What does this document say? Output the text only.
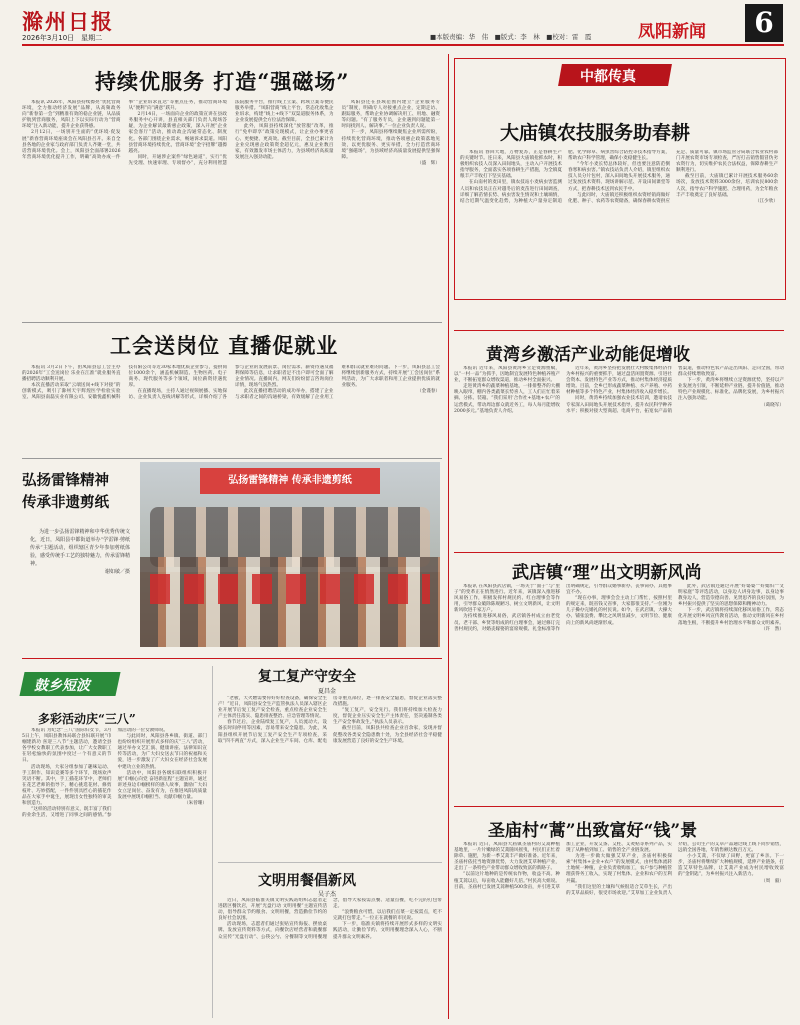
滁州日报
2026年3月10日　星期二	■本版责编：华　伟　■版式：李　林　■校对：雷　霞	凤阳新闻	6
持续优服务 打造“强磁场”

本报讯 2026年，凤阳县持续擦亮“优化营商环境，全力推动经济发展”品牌，从高频政务向“新春第一会”到精准有效的稳企业链，从品质护航到营商服务，凤阳上下以实际行动为“营商环境”注入新动能，提升企业获得感。

2月12日，一场别开生面的“优环境·促发展”新春营商环境座谈会在凤阳县召开。来自全县各地的企业家与政府部门负责人齐聚一堂，共话营商环境优化。会上，凤阳县全面部署2026年营商环境优化提升工作，明确“高效办成一件事”“企业诉求直达”等重点任务，推动营商环境从“便利”向“满意”跃升。

2月14日，一场面向企业的政策宣讲在县政务服务中心开讲，县直相关部门负责人现场答疑，为企业解读最新惠企政策，深入开展“企业家会客厅”活动，推动政企沟通常态化、制度化。各部门围绕企业需求，畅通诉求渠道。凤阳县营商环境持续优化，营商环境“金字招牌”越擦越亮。

同时，开通涉企案件“绿色通道”，实行“优先受理、快速审理、专项督办”，充分利用智慧法院服务平台，推行线上立案、跨域立案等便民服务举措。“凤阳营商”线上平台，常态化收集企业诉求，构建“线上+线下”双渠道服务体系，为企业发展提供全方位法治保障。

此外，凤阳县持续深化“放管服”改革，推行“免申即享”政策兑现模式，让企业办事更省心、更便捷、更高效。截至目前，全县已累计为企业兑现惠企政策资金超亿元，惠及企业数百家，有效激发市场主体活力，为县域经济高质量发展注入强劲动能。

凤阳县还在县域范围内建立“企业服务专员”制度，明确专人对接重点企业，定期走访、跟踪服务，帮助企业协调解决用工、用地、融资等问题。“有了服务专员，企业遇到问题能第一时间找到人、解决事。”一位企业负责人说。

下一步，凤阳县将继续聚焦企业所需所盼，持续优化营商环境，推动各项惠企政策落地见效，以更优服务、更实举措，全力打造营商环境“强磁场”，为县域经济高质量发展提供坚强保障。

（盛　辉）
工会送岗位 直播促就业

本报讯 3月2日下午，由凤阳县总工会主办的2026年“工会送岗位 乐业在江淮”就业服务直播招聘活动顺利开展。

本次直播活动采取“云端送岗+线下对接”的创新模式，吸引了滁州天宇辉煌医学检验实验室、凤阳县南磊实业有限公司、安徽悦鑫机械科技有限公司等近30家本地优质企业参与，提供岗位1000余个，涵盖机械制造、生物医药、电子商务、现代服务等多个领域，岗位薪资待遇优厚。

在直播现场，主持人通过视频展播、实地探访、企业负责人连线讲解等形式，详细介绍了各参与企业的发展前景、岗位需求、薪资待遇及福利保障等信息，让求职者足不出户即可全面了解企业情况。直播间内，网友们纷纷留言咨询岗位详情，现场气氛热烈。

此次直播招聘活动的成功举办，搭建了企业与求职者之间的沟通桥梁，有效缓解了企业用工难和群众就业难的问题。下一步，凤阳县总工会将继续创新服务方式，持续开展“工会送岗位”系列活动，为广大求职者和用工企业提供优质的就业服务。

（金谨春）
弘扬雷锋精神
传承非遗剪纸

为进一步弘扬雷锋精神和中华优秀传统文化，近日，凤阳县中都街道举办“学雷锋·剪纸传承”主题活动，组织辖区青少年参加剪纸体验，感受传统手工艺的独特魅力，传承雷锋精神。

谢如敏／摄
弘扬雷锋精神 传承非遗剪纸
鼓乡短波
多彩活动庆“三八”

本报讯 为纪念“三八”国际妇女节，3月5日上午，凤阳县教体局联合县妇联开展“巾帼建新功 喜迎三八节”主题活动，邀请全县各学校女教职工代表参加，让广大女教职工在轻松愉快的氛围中度过一个有意义的节日。

活动现场，大家分组参加了趣味运动、手工制作、知识竞赛等多个环节，现场欢声笑语不断。其中，手工插花环节中，老师们在花艺老师的指导下，精心挑选花材、修剪枝叶、巧妙搭配，一件件别具匠心的插花作品在大家手中诞生，展现出女性独特的审美和创造力。

“这样的活动特别有意义，既丰富了我们的业余生活，又增进了同事之间的感情。”参加活动的一位女教师说。

与此同时，凤阳县各乡镇、街道、部门也纷纷组织开展形式多样的庆“三八”活动，通过举办文艺汇演、健康讲座、法律知识宣传等活动，为广大妇女送去节日的祝福和关爱，进一步激发了广大妇女在经济社会发展中建功立业的热情。

活动中，凤阳县各级妇联组织积极开展“巾帼心向党 奋进新征程”主题宣讲，通过讲述身边巾帼榜样的感人故事，激励广大妇女立足岗位、奋发有为，在推进凤阳高质量发展中展现巾帼担当、贡献巾帼力量。

（朱曾珊）
复工复产守安全
夏昌金

“老板，天火燃需要你好好检查设备，确保安全生产！”近日，凤阳县安全生产监管执法人员深入辖区企业开展节后复工复产安全检查，重点检查企业安全生产主体责任落实、隐患排查整治、应急管理等情况。

春节过后，企业陆续复工复产，人员流动大、设备长时间停用等因素，容易带来安全隐患。为此，凤阳县组织开展节后复工复产安全生产专项检查，采取“四不两直”方式，深入企业生产车间、仓库、配电房等重点部位，逐一排查安全隐患，督促企业落实整改措施。

“复工复产，安全先行。我们将持续加大检查力度，督促企业压实安全生产主体责任，坚决遏制各类生产安全事故发生。”执法人员表示。

截至目前，凤阳县共检查企业百余家，发现并督促整改各类安全隐患数十处，为全县经济社会平稳健康发展营造了良好的安全生产环境。

文明用餐倡新风
吴子杰

近日，凤阳县临淮关镇文明实践站组织志愿者走进辖区餐饮店，开展“光盘行动 文明用餐”主题宣传活动，倡导群众节约粮食、文明用餐，营造勤俭节约的良好社会氛围。

活动现场，志愿者们通过张贴宣传海报、摆放桌牌、发放宣传资料等方式，向餐饮店经营者和就餐群众宣传“光盘行动”、公筷公勺、分餐制等文明用餐理念，倡导大家按需点餐、适量点餐，吃不完的打包带走。

“浪费粮食可惜，以后我们点菜一定按需点，吃不完就打包带走。”一位正在就餐的市民说。

下一步，临淮关镇将持续开展形式多样的文明实践活动，让勤俭节约、文明用餐理念深入人心，不断提升群众文明素养。

中都传真
大庙镇农技服务助春耕

本报讯 春回大地，万物复苏，正是春耕生产的关键时节。连日来，凤阳县大庙镇抢抓农时，积极组织农技人员深入田间地头，主动入户开展技术指导服务，全面落实各项春耕生产措施，为全镇夏粮丰产丰收打下坚实基础。

在山南村的麦田里，镇农技站小麦病虫害监测人员和农技员正在对越冬后的麦苗进行田间调查，详细了解苗情长势、病虫害发生情况和土壤墒情，结合近期气温变化趋势，为种植大户量身定制追肥、化学除草、病虫害综合防控等技术指导方案，帮助农户科学管理，确保小麦稳健生长。

“今年小麦长势总体较好，但也要注意防范倒春寒和病虫害。”镇农技站负责人介绍，镇里组织农技人员分片包村，深入田间地头开展技术服务，通过发放技术资料、现场讲解示范、开设田间课堂等方式，把春耕技术送到农民手中。

与此同时，大庙镇还积极组织农资经销商做好化肥、种子、农药等农资储备，确保春耕农资供应充足、质量可靠。镇市场监管分局联合农业农村部门开展农资市场专项检查，严厉打击销售假冒伪劣农资行为，切实维护农民合法权益，保障春耕生产顺利进行。

截至目前，大庙镇已累计开展技术服务60余场次，发放技术资料3000余份，培训农民800余人次，指导农户科学施肥、合理用药，为全年粮食丰产丰收奠定了良好基础。

（江少欣）
黄湾乡激活产业动能促增收

本报讯 近年来，凤阳县黄湾乡立足资源禀赋，以“一村一品”为抓手，因地制宜发展特色种植养殖产业，不断拓宽群众增收渠道，推动乡村全面振兴。

走进黄湾乡的蔬菜种植基地，一排排整齐的大棚映入眼帘，棚内各类蔬菜长势喜人，工人们正忙着采摘、分拣、装箱。“我们采用‘合作社+基地+农户’的运营模式，带动周边群众就近务工，每人每月能增收2000多元。”基地负责人介绍。

近年来，黄湾乡坚持把发展壮大村级集体经济作为乡村振兴的重要抓手，通过盘活闲置资源、引进社会资本、发展特色产业等方式，推动村集体经济提质增效。目前，全乡已形成蔬菜种植、水产养殖、中药材种植等多个特色产业，村集体经济收入稳步增长。

同时，黄湾乡持续加强农业技术培训，邀请农技专家深入田间地头开展技术指导，提升农民科学种养水平；积极对接大型商超、电商平台，拓宽农产品销售渠道，推动特色农产品走出凤阳、走向全国，带动群众持续增收致富。

下一步，黄湾乡将继续立足资源优势，坚持以产业发展为引领，不断延伸产业链、提升价值链，推动特色产业规模化、标准化、品牌化发展，为乡村振兴注入强劲动能。

（葛晓军）
武店镇“理”出文明新风尚

本报讯 在凤阳县武店镇，一场关于“面子”与“里子”的变革正在悄然进行。近年来，该镇深入推进移风易俗工作，积极发挥村规民约、红白理事会等作用，引导群众破除陈规陋习、树立文明新风，让文明新风吹进千家万户。

为持续推进移风易俗，武店镇各村成立由老党员、老干部、乡贤等组成的红白理事会，通过修订完善村规民约，对婚丧嫁娶的宴席规模、礼金标准等作出明确规定，引导群众婚事新办、丧事简办、其他事宜不办。

“现在办事，理事会会主动上门帮忙，按照村里的规定来，既省钱又省事，大家都很支持。”一位刚为儿子操办完婚礼的村民说。如今，在武店镇，大操大办、铺张浪费、攀比之风明显减少，文明节俭、健康向上的新风尚逐渐形成。

此外，武店镇还通过开展“好婆婆”“好媳妇”“文明家庭”等评选活动，以身边人讲身边事，以身边事教身边人，营造崇德向善、见贤思齐的良好氛围，为乡村振兴提供了坚实的思想保障和精神动力。

下一步，武店镇将持续深化移风易俗工作，常态化开展文明乡风宣传教育活动，推动文明新风在乡村落地生根，不断提升乡村治理水平和群众文明素养。

（许　然）
圣庙村“蒿”出致富好“钱”景

本报讯 近日，凤阳县大庙镇圣庙村的艾蒿种植基地里，一片片嫩绿的艾蒿随风摇曳，村民们正忙着除草、施肥，为新一季艾蒿丰产做好准备。近年来，圣庙村依托当地资源优势，大力发展艾草种植产业，走出了一条特色产业带动群众增收致富的新路子。

“以前这片地种的是传统农作物，收益不高。种植艾蒿以后，每亩收入能翻好几倍。”村民高大姐说。目前，圣庙村已发展艾蒿种植500余亩，并引进艾草加工企业，开发艾条、艾柱、艾灸贴等系列产品，实现了从种植到加工、销售的全产业链发展。

为进一步做大做强艾草产业，圣庙村积极探索“村集体+企业+农户”的发展模式，由村集体流转土地统一种植，企业负责收购加工，农户参与种植管理获得务工收入，实现了村集体、企业和农户的互利共赢。

“我们这里的土壤和气候很适合艾草生长，产出的艾草品质好，很受市场欢迎。”艾草加工企业负责人介绍，公司生产的艾草产品通过线上线下同步销售，远销全国各地，年销售额达数百万元。

小小艾蒿，不仅绿了田野，更富了乡亲。下一步，圣庙村将继续扩大种植规模，延伸产业链条，打造艾草特色品牌，让艾蒿产业成为村民增收致富的“金钥匙”，为乡村振兴注入新活力。

（周　毅）
